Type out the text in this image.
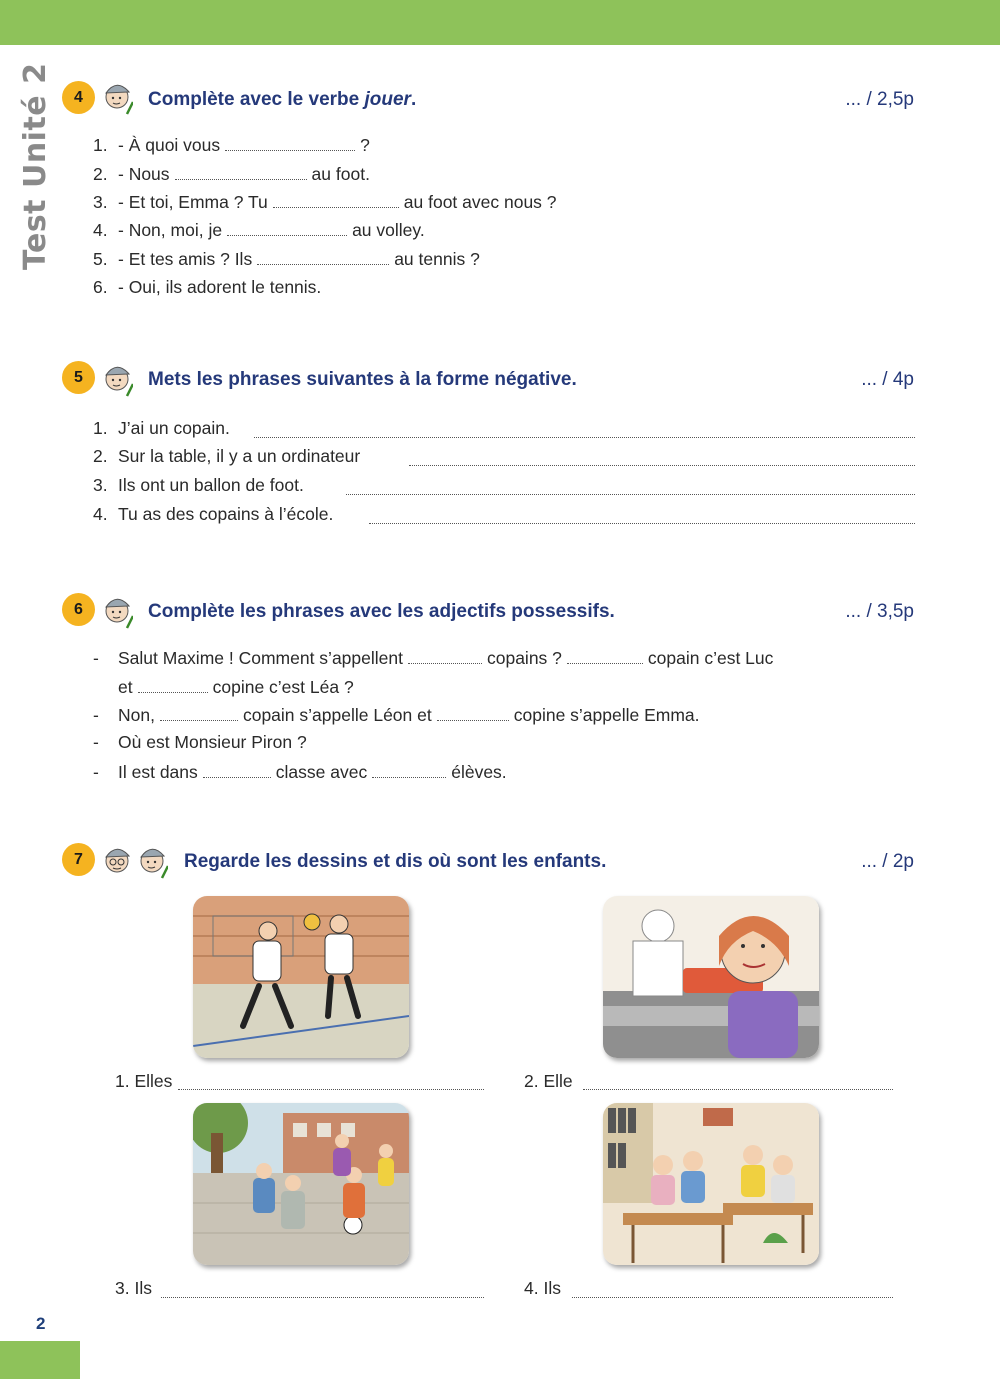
Test Unité 2	4	Complète avec le verbe jouer.	... / 2,5p
1. - À quoi vous	?
2. - Nous	au foot.
3. - Et toi, Emma ? Tu	au foot avec nous ?
4. - Non, moi, je	au volley.
5. - Et tes amis ? Ils	au tennis ?
6. - Oui, ils adorent le tennis.
5	Mets les phrases suivantes à la forme négative.	... / 4p
1. J’ai un copain.
2. Sur la table, il y a un ordinateur
3. Ils ont un ballon de foot.
4. Tu as des copains à l’école.
6	Complète les phrases avec les adjectifs possessifs.	... / 3,5p
- Salut Maxime ! Comment s’appellent	copains ?	copain c’est Luc
et	copine c’est Léa ?
- Non,	copain s’appelle Léon et	copine s’appelle Emma.
- Où est Monsieur Piron ?
- Il est dans	classe avec	élèves.
7	Regarde les dessins et dis où sont les enfants.	... / 2p
1. Elles	2. Elle
3. Ils	4. Ils
2
